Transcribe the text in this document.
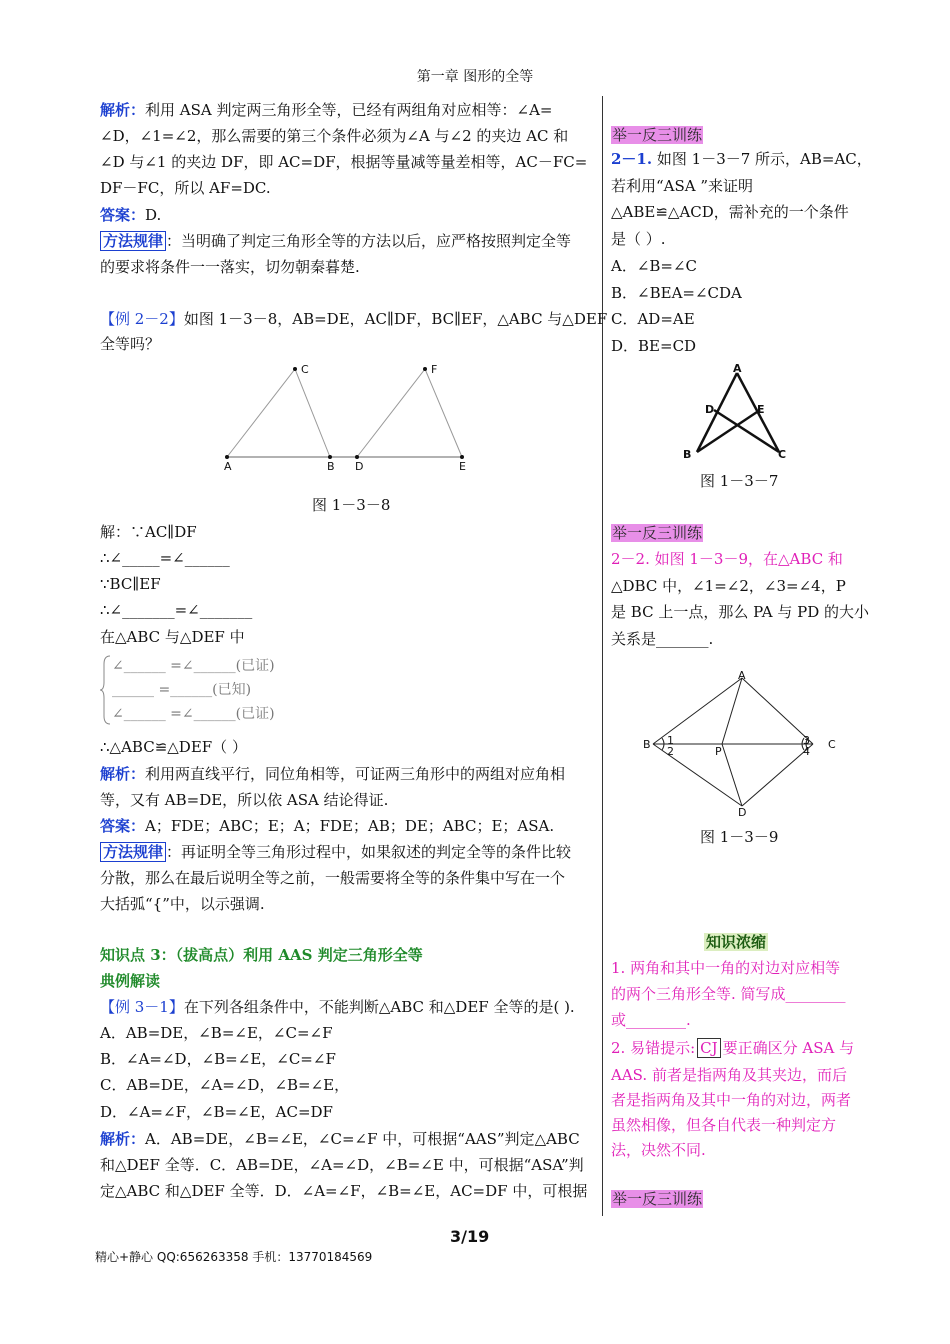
第一章 图形的全等
解析：利用 ASA 判定两三角形全等，已经有两组角对应相等：∠A=
∠D，∠1=∠2，那么需要的第三个条件必须为∠A 与∠2 的夹边 AC 和
∠D 与∠1 的夹边 DF，即 AC=DF，根据等量减等量差相等，AC－FC=
DF－FC，所以 AF=DC.
答案：D.
方法规律 ：当明确了判定三角形全等的方法以后，应严格按照判定全等
的要求将条件一一落实，切勿朝秦暮楚.
【例 2－2】如图 1－3－8，AB=DE，AC∥DF，BC∥EF，△ABC 与△DEF
全等吗？
C	F
A	B D	E
图 1－3－8
解：∵AC∥DF
∴∠_____=∠______
∵BC∥EF
∴∠_______=∠_______
在△ABC 与△DEF 中
∠______ =∠______(已证)
______ =______(已知)
∠______ =∠______(已证)
∴△ABC≌△DEF（ ）
解析：利用两直线平行，同位角相等，可证两三角形中的两组对应角相
等，又有 AB=DE，所以依 ASA 结论得证.
答案：A；FDE；ABC；E；A；FDE；AB；DE；ABC；E；ASA.
方法规律 ：再证明全等三角形过程中，如果叙述的判定全等的条件比较
分散，那么在最后说明全等之前，一般需要将全等的条件集中写在一个
大括弧“{”中，以示强调.
知识点 3：（拔高点）利用 AAS 判定三角形全等
典例解读
【例 3－1】在下列各组条件中，不能判断△ABC 和△DEF 全等的是( ).
A．AB=DE，∠B=∠E，∠C=∠F
B．∠A=∠D，∠B=∠E，∠C=∠F
C．AB=DE，∠A=∠D，∠B=∠E，
D．∠A=∠F，∠B=∠E，AC=DF
解析：A．AB=DE，∠B=∠E，∠C=∠F 中，可根据“AAS”判定△ABC
和△DEF 全等．C．AB=DE，∠A=∠D，∠B=∠E 中，可根据“ASA”判
定△ABC 和△DEF 全等．D．∠A=∠F，∠B=∠E，AC=DF 中，可根据
举一反三训练
2－1. 如图 1－3－7 所示，AB=AC，
若利用“ASA ”来证明
△ABE≌△ACD，需补充的一个条件
是（ ）.
A．∠B=∠C
B．∠BEA=∠CDA
C．AD=AE
D．BE=CD
A
D	E
B	C
图 1－3－7
举一反三训练
2－2. 如图 1－3－9，在△ABC 和
△DBC 中，∠1=∠2，∠3=∠4，P
是 BC 上一点，那么 PA 与 PD 的大小
关系是_______.
A
B	C
D
P
1
2
3
4
图 1－3－9
知识浓缩
1. 两角和其中一角的对边对应相等
的两个三角形全等. 简写成________
或________.
2. 易错提示: CJ 要正确区分 ASA 与
AAS. 前者是指两角及其夹边，而后
者是指两角及其中一角的对边，两者
虽然相像，但各自代表一种判定方
法，决然不同.
举一反三训练
3/19
精心+静心 QQ:656263358 手机：13770184569
